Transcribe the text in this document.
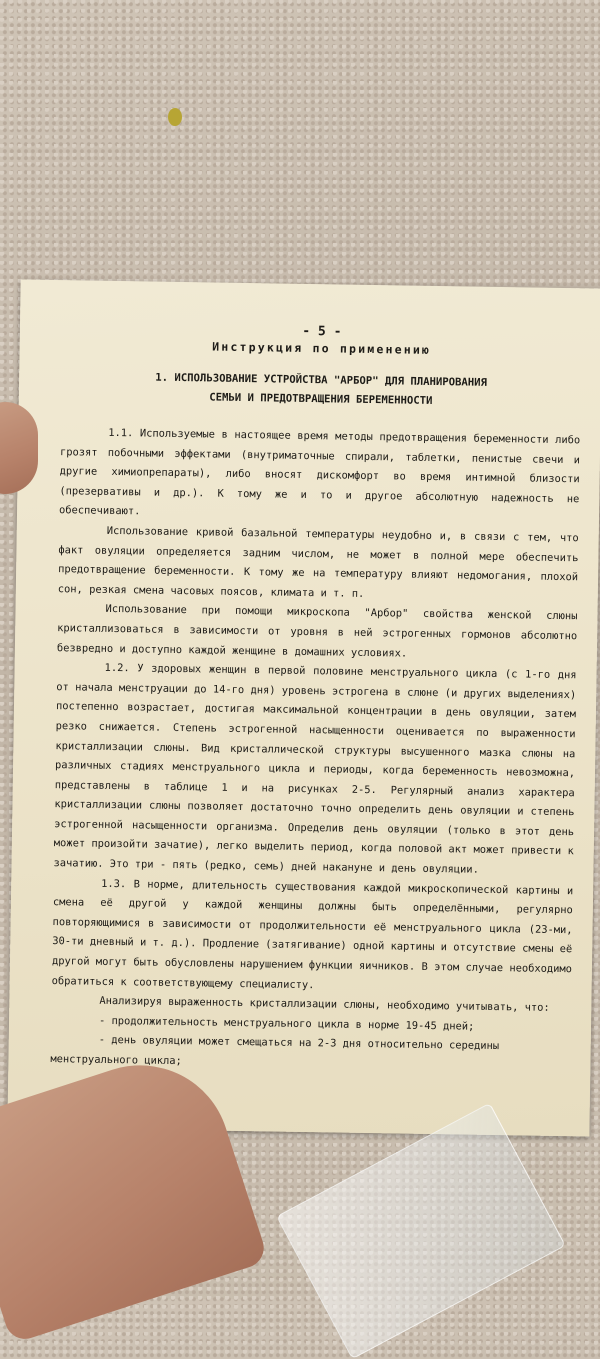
- 5 -

Инструкция по применению

1. ИСПОЛЬЗОВАНИЕ УСТРОЙСТВА "АРБОР" ДЛЯ ПЛАНИРОВАНИЯ
СЕМЬИ И ПРЕДОТВРАЩЕНИЯ БЕРЕМЕННОСТИ

1.1. Используемые в настоящее время методы предотвращения беременности либо грозят побочными эффектами (внутриматочные спирали, таблетки, пенистые свечи и другие химиопрепараты), либо вносят дискомфорт во время интимной близости (презервативы и др.). К тому же и то и другое абсолютную надежность не обеспечивают.

Использование кривой базальной температуры неудобно и, в связи с тем, что факт овуляции определяется задним числом, не может в полной мере обеспечить предотвращение беременности. К тому же на температуру влияют недомогания, плохой сон, резкая смена часовых поясов, климата и т. п.

Использование при помощи микроскопа "Арбор" свойства женской слюны кристаллизоваться в зависимости от уровня в ней эстрогенных гормонов абсолютно безвредно и доступно каждой женщине в домашних условиях.

1.2. У здоровых женщин в первой половине менструального цикла (с 1-го дня от начала менструации до 14-го дня) уровень эстрогена в слюне (и других выделениях) постепенно возрастает, достигая максимальной концентрации в день овуляции, затем резко снижается. Степень эстрогенной насыщенности оценивается по выраженности кристаллизации слюны. Вид кристаллической структуры высушенного мазка слюны на различных стадиях менструального цикла и периоды, когда беременность невозможна, представлены в таблице 1 и на рисунках 2-5. Регулярный анализ характера кристаллизации слюны позволяет достаточно точно определить день овуляции и степень эстрогенной насыщенности организма. Определив день овуляции (только в этот день может произойти зачатие), легко выделить период, когда половой акт может привести к зачатию. Это три - пять (редко, семь) дней накануне и день овуляции.

1.3. В норме, длительность существования каждой микроскопической картины и смена её другой у каждой женщины должны быть определёнными, регулярно повторяющимися в зависимости от продолжительности её менструального цикла (23-ми, 30-ти дневный и т. д.). Продление (затягивание) одной картины и отсутствие смены её другой могут быть обусловлены нарушением функции яичников. В этом случае необходимо обратиться к соответствующему специалисту.

Анализируя выраженность кристаллизации слюны, необходимо учитывать, что:

- продолжительность менструального цикла в норме 19-45 дней;

- день овуляции может смещаться на 2-3 дня относительно середины менструального цикла;
